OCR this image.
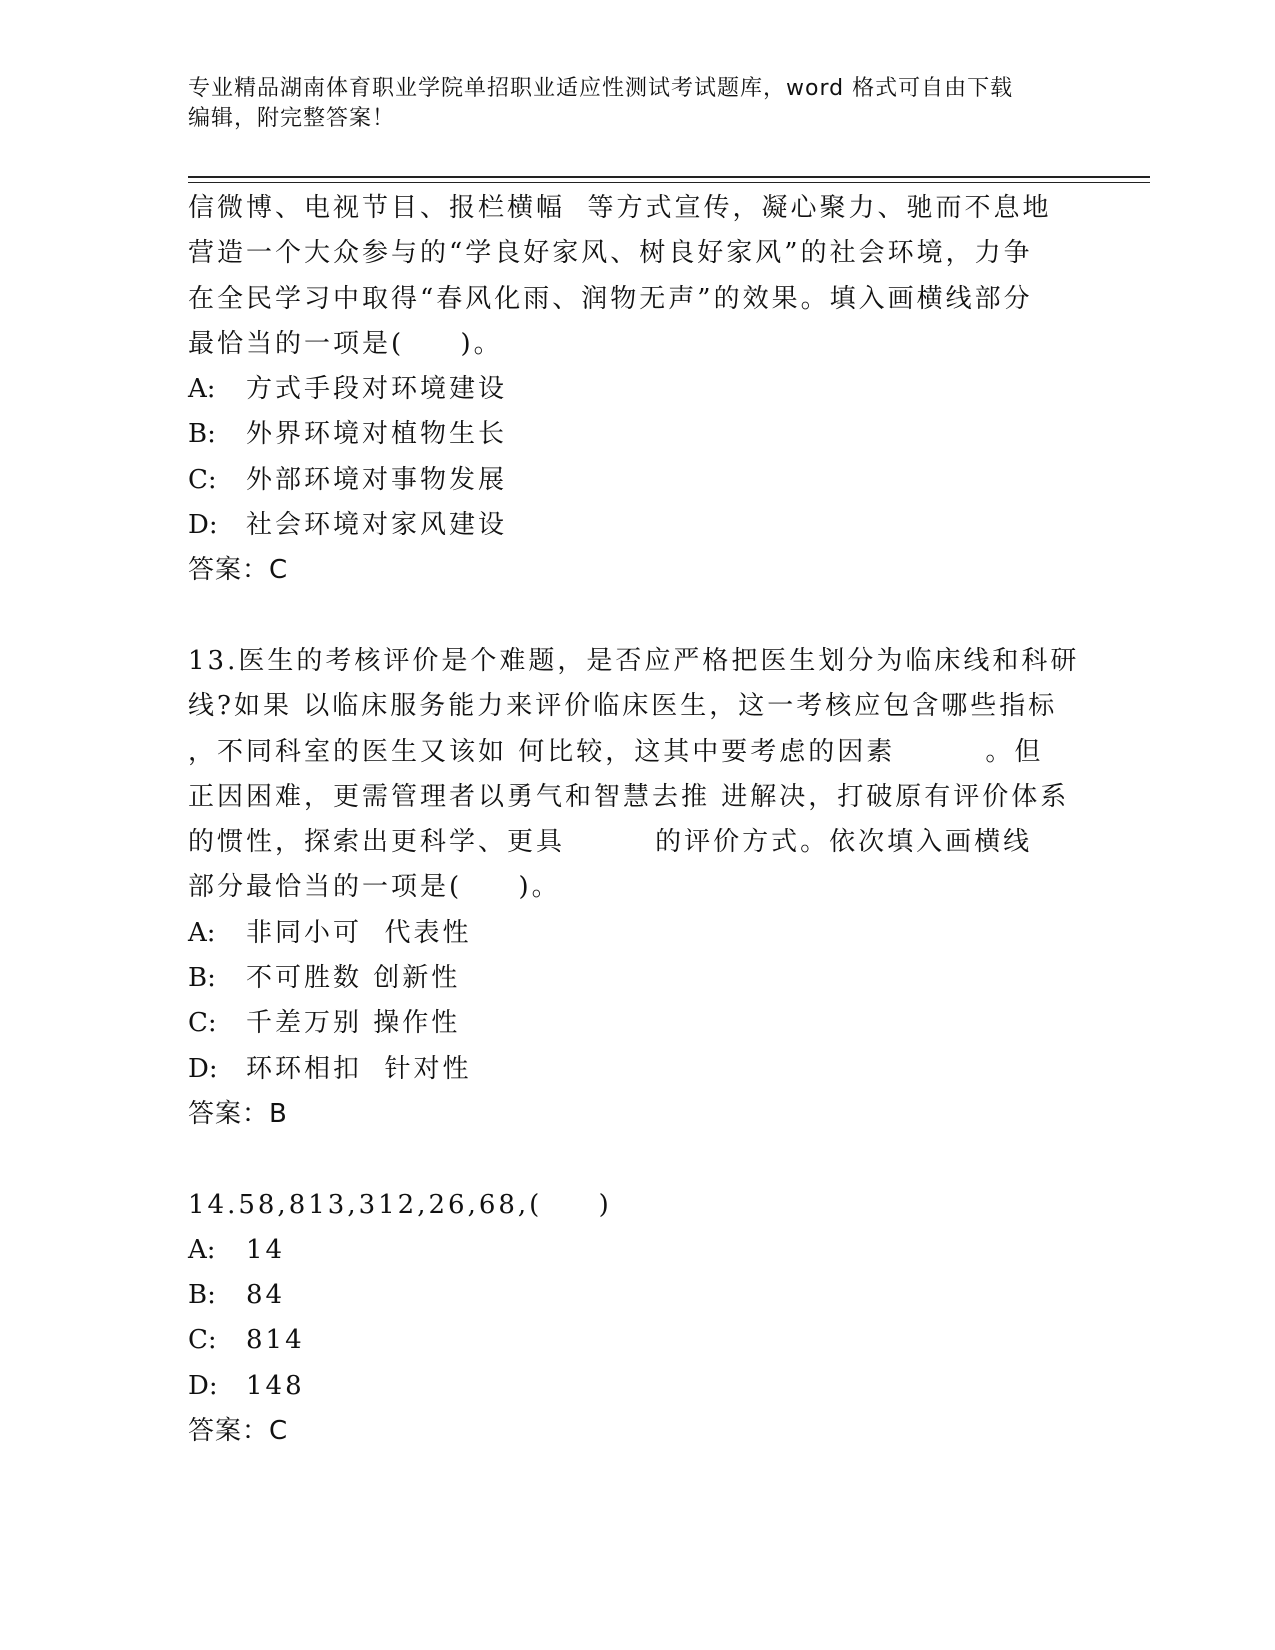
专业精品湖南体育职业学院单招职业适应性测试考试题库，word 格式可自由下载
编辑，附完整答案！
信微博、电视节目、报栏横幅  等方式宣传，凝心聚力、驰而不息地
营造一个大众参与的“学良好家风、树良好家风”的社会环境，力争
在全民学习中取得“春风化雨、润物无声”的效果。填入画横线部分
最恰当的一项是(     )。
A: 方式手段对环境建设
B: 外界环境对植物生长
C: 外部环境对事物发展
D: 社会环境对家风建设
答案：C
13.医生的考核评价是个难题，是否应严格把医生划分为临床线和科研
线?如果 以临床服务能力来评价临床医生，这一考核应包含哪些指标
，不同科室的医生又该如 何比较，这其中要考虑的因素        。但
正因困难，更需管理者以勇气和智慧去推 进解决，打破原有评价体系
的惯性，探索出更科学、更具        的评价方式。依次填入画横线
部分最恰当的一项是(     )。
A: 非同小可  代表性
B: 不可胜数 创新性
C: 千差万别 操作性
D: 环环相扣  针对性
答案：B
14.58,813,312,26,68,(     )
A: 14
B: 84
C: 814
D: 148
答案：C
